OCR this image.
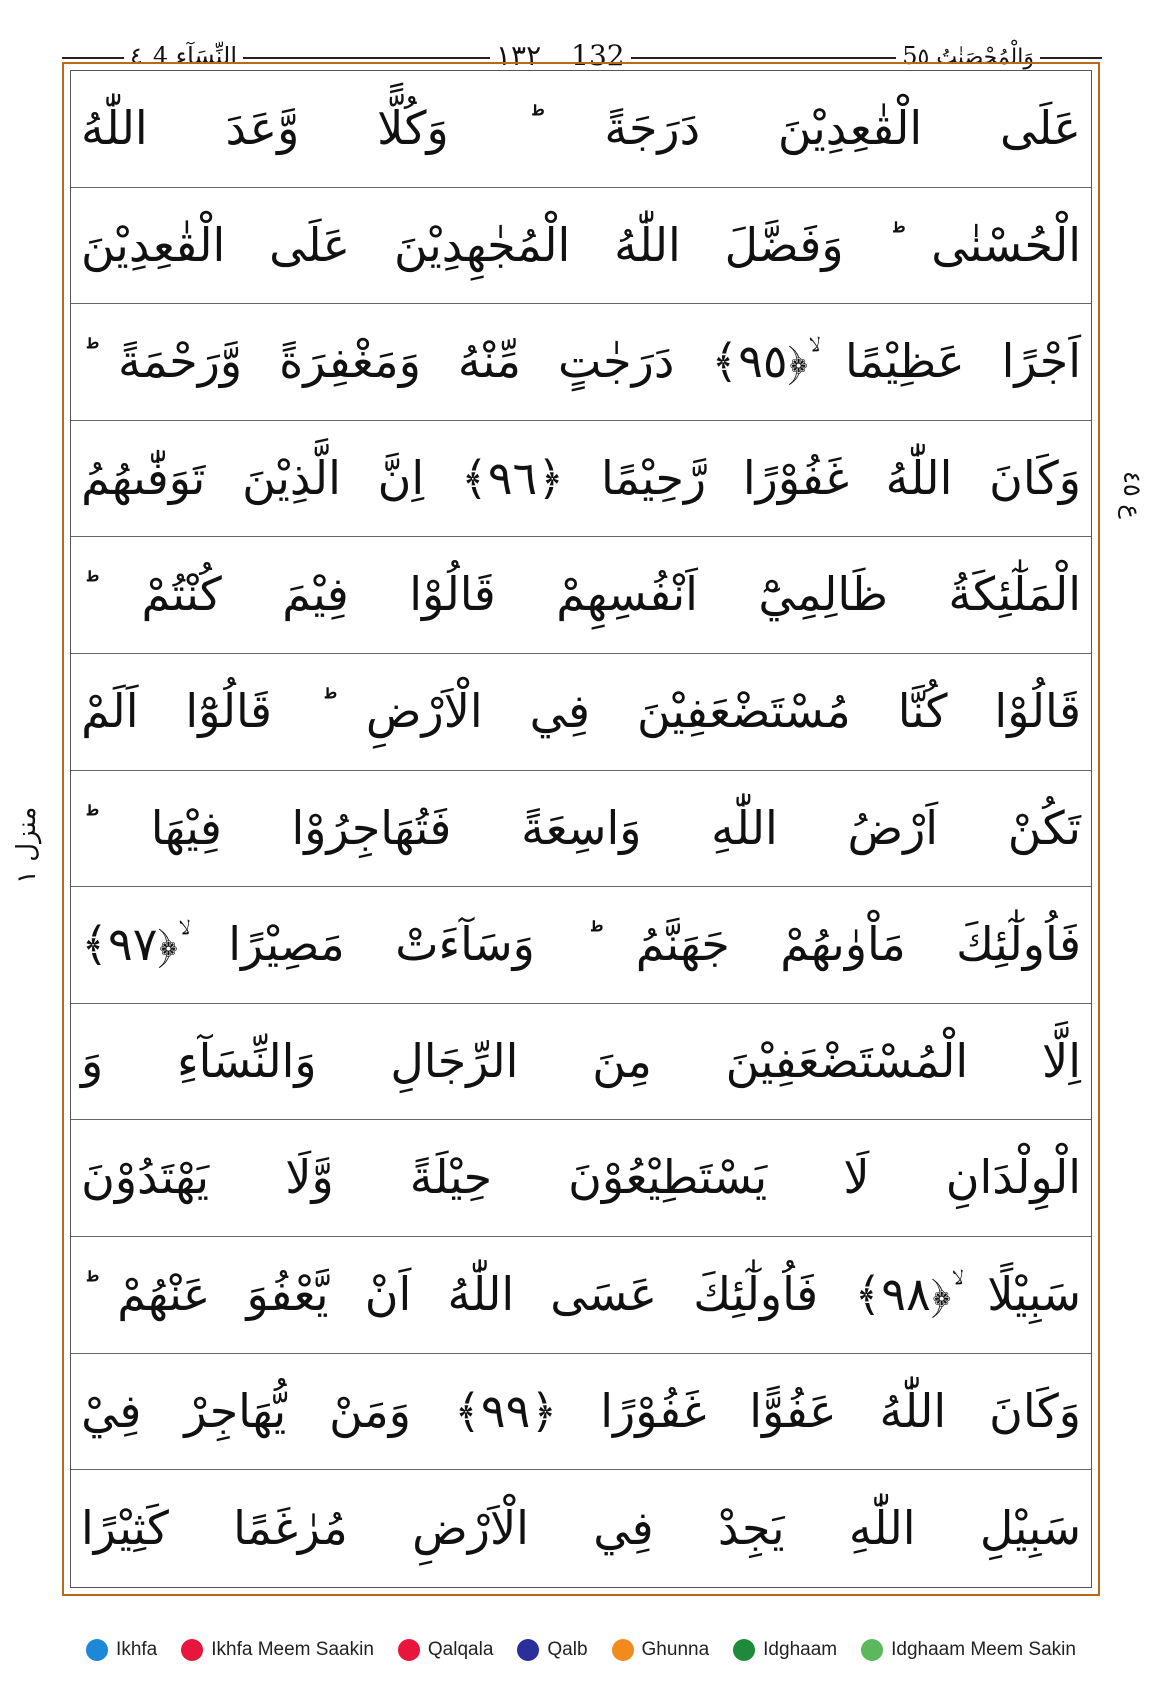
النِّسَآء ٤4	١٣٢ 132	5وَالْمُحْصَنٰتُ ٥
عَلَى
الْقٰعِدِيْنَ
دَرَجَةً
وَكُلًّا
وَّعَدَ
اللّٰهُ
الْحُسْنٰى
وَفَضَّلَ
اللّٰهُ
الْمُجٰهِدِيْنَ
عَلَى
الْقٰعِدِيْنَ
اَجْرًا
عَظِيْمًا
ۙ﴿٩٥﴾
دَرَجٰتٍ
مِّنْهُ
وَمَغْفِرَةً
وَّرَحْمَةً
وَكَانَ
اللّٰهُ
غَفُوْرًا
رَّحِيْمًا
﴿٩٦﴾
اِنَّ
الَّذِيْنَ
تَوَفّٰىهُمُ
الْمَلٰٓئِكَةُ
ظَالِمِيْٓ
اَنْفُسِهِمْ
قَالُوْا
فِيْمَ
كُنْتُمْ
قَالُوْا
كُنَّا
مُسْتَضْعَفِيْنَ
فِي
الْاَرْضِ
قَالُوْٓا
اَلَمْ
تَكُنْ
اَرْضُ
اللّٰهِ
وَاسِعَةً
فَتُهَاجِرُوْا
فِيْهَا
فَاُولٰٓئِكَ
مَاْوٰىهُمْ
جَهَنَّمُ
وَسَآءَتْ
مَصِيْرًا
ۙ﴿٩٧﴾
اِلَّا
الْمُسْتَضْعَفِيْنَ
مِنَ
الرِّجَالِ
وَالنِّسَآءِ
وَ
الْوِلْدَانِ
لَا
يَسْتَطِيْعُوْنَ
حِيْلَةً
وَّلَا
يَهْتَدُوْنَ
سَبِيْلًا
ۙ﴿٩٨﴾
فَاُولٰٓئِكَ
عَسَى
اللّٰهُ
اَنْ
يَّعْفُوَ
عَنْهُمْ
وَكَانَ
اللّٰهُ
عَفُوًّا
غَفُوْرًا
﴿٩٩﴾
وَمَنْ
يُّهَاجِرْ
فِيْ
سَبِيْلِ
اللّٰهِ
يَجِدْ
فِي
الْاَرْضِ
مُرٰغَمًا
كَثِيْرًا
منزل ١
ع ٤٥
Ikhfa	Ikhfa Meem Saakin	Qalqala	Qalb	Ghunna	Idghaam	Idghaam Meem Sakin
